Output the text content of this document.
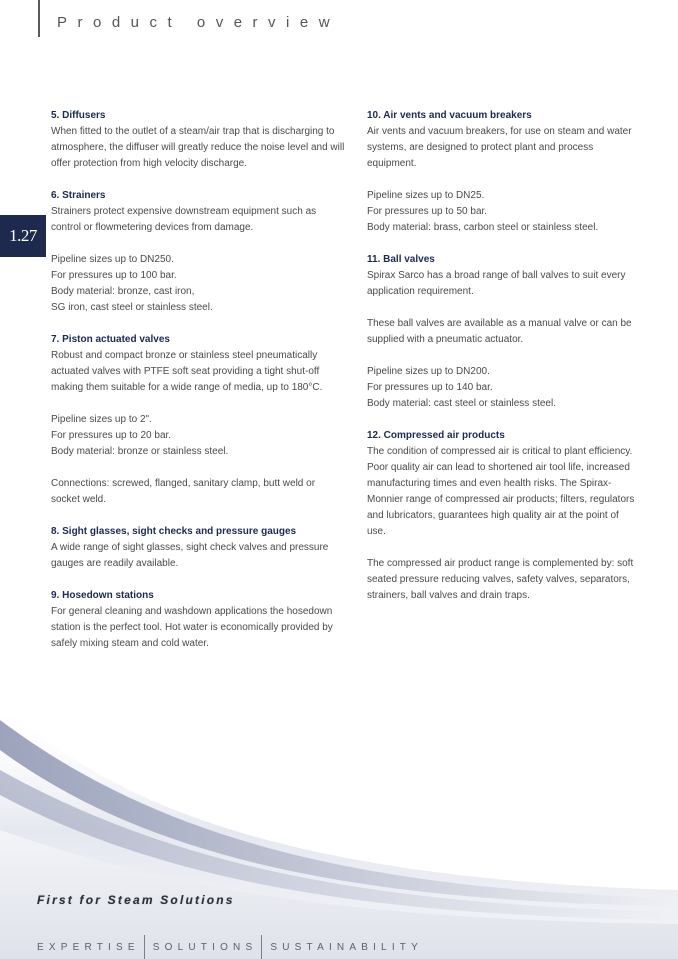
Product overview
1.27

5. Diffusers

When fitted to the outlet of a steam/air trap that is discharging to atmosphere, the diffuser will greatly reduce the noise level and will offer protection from high velocity discharge.

6. Strainers

Strainers protect expensive downstream equipment such as control or flowmetering devices from damage.

Pipeline sizes up to DN250.
For pressures up to 100 bar.
Body material: bronze, cast iron,
SG iron, cast steel or stainless steel.

7. Piston actuated valves

Robust and compact bronze or stainless steel pneumatically actuated valves with PTFE soft seat providing a tight shut-off making them suitable for a wide range of media, up to 180°C.

Pipeline sizes up to 2".
For pressures up to 20 bar.
Body material: bronze or stainless steel.

Connections: screwed, flanged, sanitary clamp, butt weld or socket weld.

8. Sight glasses, sight checks and pressure gauges

A wide range of sight glasses, sight check valves and pressure gauges are readily available.

9. Hosedown stations

For general cleaning and washdown applications the hosedown station is the perfect tool. Hot water is economically provided by safely mixing steam and cold water.

10. Air vents and vacuum breakers

Air vents and vacuum breakers, for use on steam and water systems, are designed to protect plant and process equipment.

Pipeline sizes up to DN25.
For pressures up to 50 bar.
Body material: brass, carbon steel or stainless steel.

11. Ball valves

Spirax Sarco has a broad range of ball valves to suit every application requirement.

These ball valves are available as a manual valve or can be supplied with a pneumatic actuator.

Pipeline sizes up to DN200.
For pressures up to 140 bar.
Body material: cast steel or stainless steel.

12. Compressed air products

The condition of compressed air is critical to plant efficiency. Poor quality air can lead to shortened air tool life, increased manufacturing times and even health risks. The Spirax-Monnier range of compressed air products; filters, regulators and lubricators, guarantees high quality air at the point of use.

The compressed air product range is complemented by: soft seated pressure reducing valves, safety valves, separators, strainers, ball valves and drain traps.

First for Steam Solutions
EXPERTISE SOLUTIONS SUSTAINABILITY
